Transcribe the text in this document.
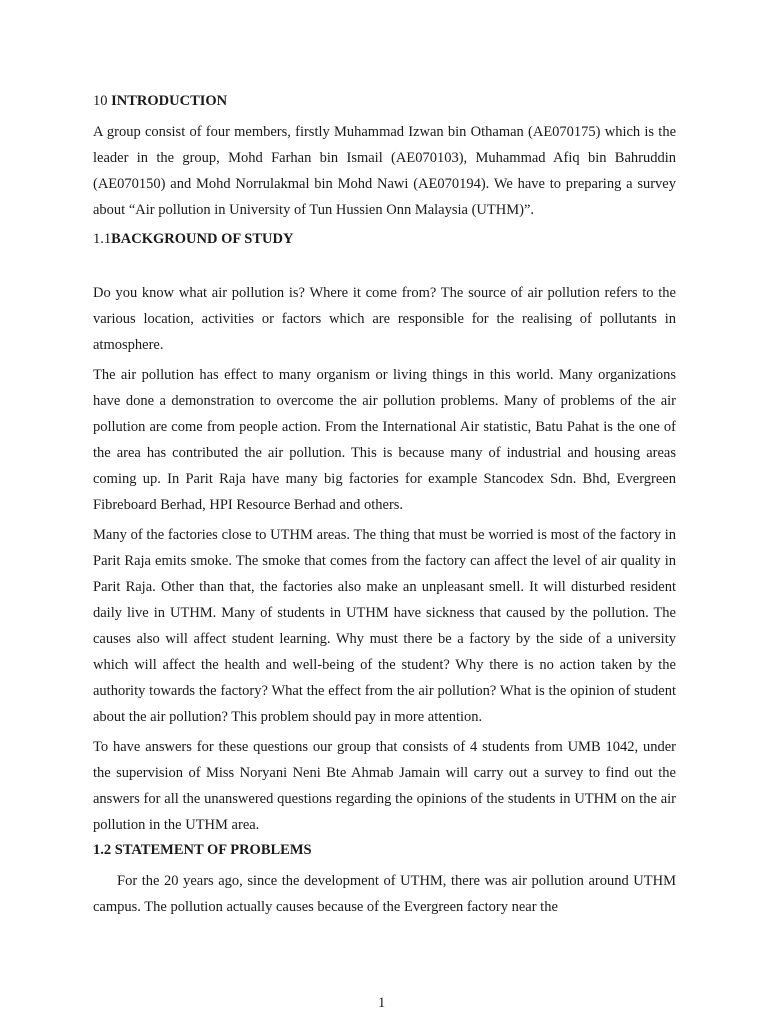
10 INTRODUCTION

A group consist of four members, firstly Muhammad Izwan bin Othaman (AE070175) which is the leader in the group, Mohd Farhan bin Ismail (AE070103), Muhammad Afiq bin Bahruddin (AE070150) and Mohd Norrulakmal bin Mohd Nawi (AE070194). We have to preparing a survey about “Air pollution in University of Tun Hussien Onn Malaysia (UTHM)”.

1.1BACKGROUND OF STUDY

Do you know what air pollution is? Where it come from? The source of air pollution refers to the various location, activities or factors which are responsible for the realising of pollutants in atmosphere.

The air pollution has effect to many organism or living things in this world. Many organizations have done a demonstration to overcome the air pollution problems. Many of problems of the air pollution are come from people action. From the International Air statistic, Batu Pahat is the one of the area has contributed the air pollution. This is because many of industrial and housing areas coming up. In Parit Raja have many big factories for example Stancodex Sdn. Bhd, Evergreen Fibreboard Berhad, HPI Resource Berhad and others.

Many of the factories close to UTHM areas. The thing that must be worried is most of the factory in Parit Raja emits smoke. The smoke that comes from the factory can affect the level of air quality in Parit Raja. Other than that, the factories also make an unpleasant smell. It will disturbed resident daily live in UTHM. Many of students in UTHM have sickness that caused by the pollution. The causes also will affect student learning. Why must there be a factory by the side of a university which will affect the health and well-being of the student? Why there is no action taken by the authority towards the factory? What the effect from the air pollution? What is the opinion of student about the air pollution? This problem should pay in more attention.

To have answers for these questions our group that consists of 4 students from UMB 1042, under the supervision of Miss Noryani Neni Bte Ahmab Jamain will carry out a survey to find out the answers for all the unanswered questions regarding the opinions of the students in UTHM on the air pollution in the UTHM area.

1.2 STATEMENT OF PROBLEMS

For the 20 years ago, since the development of UTHM, there was air pollution around UTHM campus. The pollution actually causes because of the Evergreen factory near the

1
